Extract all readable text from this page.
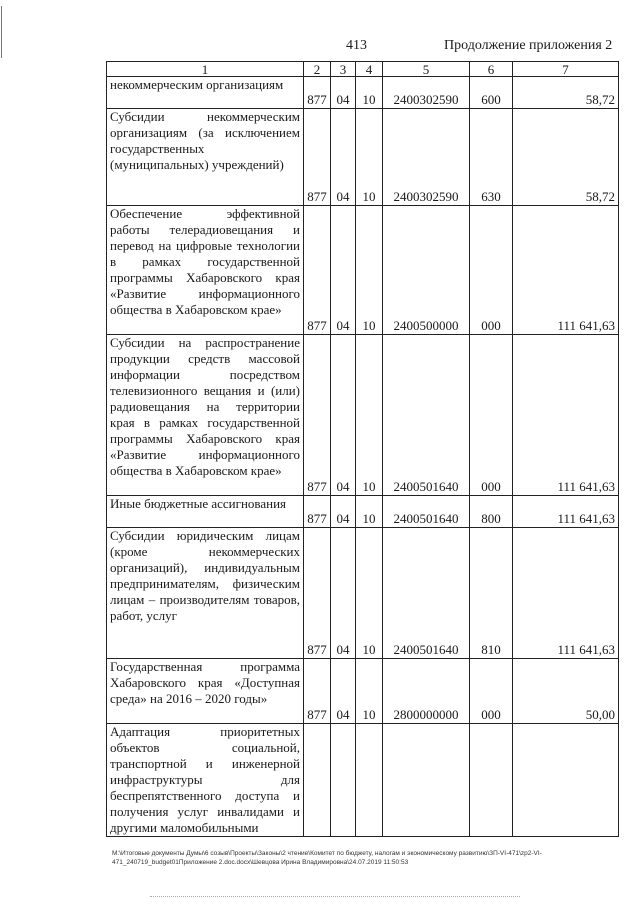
413	Продолжение приложения 2
1	2	3	4	5	6	7
некоммерческим организациям	877	04	10	2400302590	600	58,72
Субсидии некоммерческим организациям (за исключением государственных (муниципальных) учреждений)	877	04	10	2400302590	630	58,72
Обеспечение эффективной работы телерадиовещания и перевод на цифровые технологии в рамках государственной программы Хабаровского края «Развитие информационного общества в Хабаровском крае»	877	04	10	2400500000	000	111 641,63
Субсидии на распространение продукции средств массовой информации посредством телевизионного вещания и (или) радиовещания на территории края в рамках государственной программы Хабаровского края «Развитие информационного общества в Хабаровском крае»	877	04	10	2400501640	000	111 641,63
Иные бюджетные ассигнования	877	04	10	2400501640	800	111 641,63
Субсидии юридическим лицам (кроме некоммерческих организаций), индивидуальным предпринимателям, физическим лицам – производителям товаров, работ, услуг	877	04	10	2400501640	810	111 641,63
Государственная программа Хабаровского края «Доступная среда» на 2016 – 2020 годы»	877	04	10	2800000000	000	50,00
Адаптация приоритетных объектов социальной, транспортной и инженерной инфраструктуры для беспрепятственного доступа и получения услуг инвалидами и другими маломобильными						
M:\Итоговые документы Думы\6 созыв\Проекты\Законы\2 чтение\Комитет по бюджету, налогам и экономическому развитию\ЗП-VI-471\zp2-VI-
471_240719_budget01Приложение 2.doc.docx\Шевцова Ирина Владимировна\24.07.2019 11:50:53
